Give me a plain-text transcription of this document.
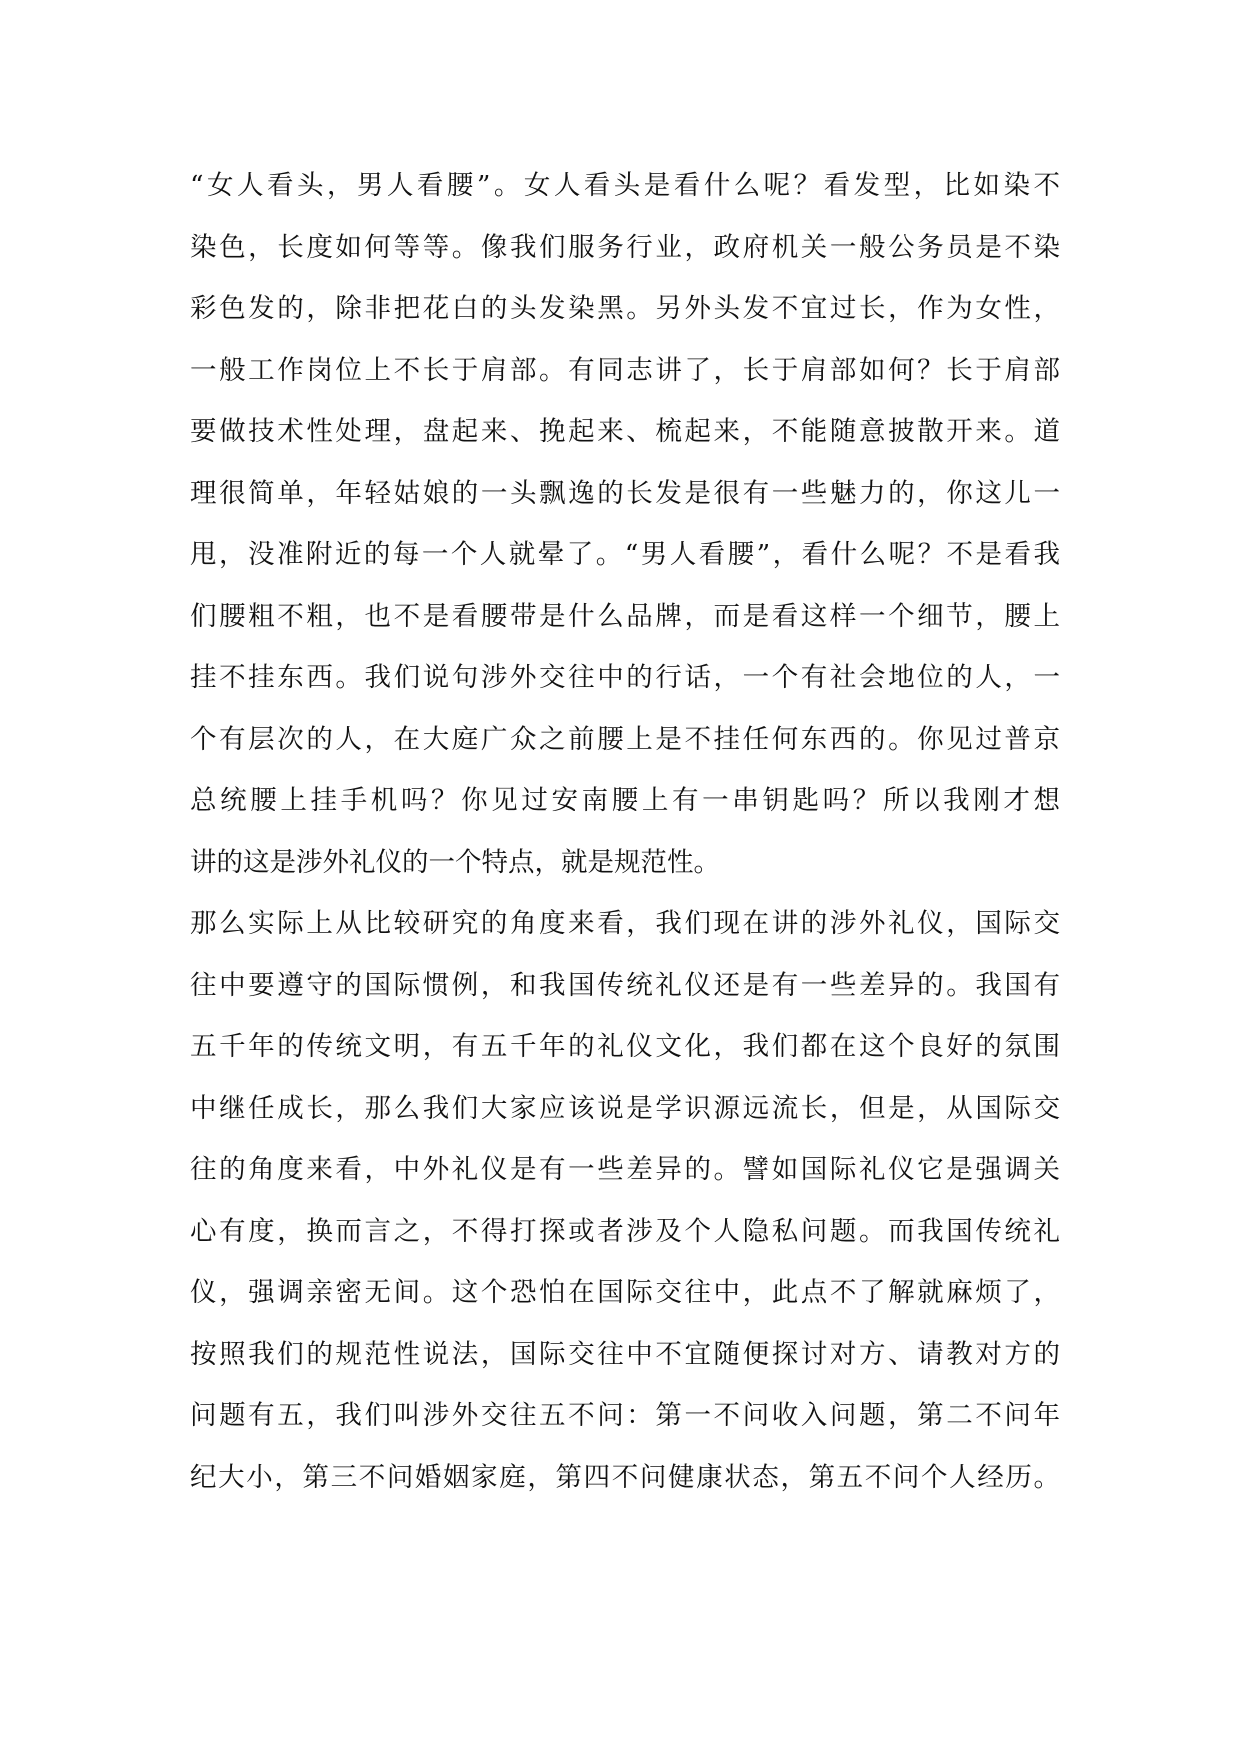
“女人看头，男人看腰”。女人看头是看什么呢？看发型，比如染不
染色，长度如何等等。像我们服务行业，政府机关一般公务员是不染
彩色发的，除非把花白的头发染黑。另外头发不宜过长，作为女性，
一般工作岗位上不长于肩部。有同志讲了，长于肩部如何？长于肩部
要做技术性处理，盘起来、挽起来、梳起来，不能随意披散开来。道
理很简单，年轻姑娘的一头飘逸的长发是很有一些魅力的，你这儿一
甩，没准附近的每一个人就晕了。“男人看腰”，看什么呢？不是看我
们腰粗不粗，也不是看腰带是什么品牌，而是看这样一个细节，腰上
挂不挂东西。我们说句涉外交往中的行话，一个有社会地位的人，一
个有层次的人，在大庭广众之前腰上是不挂任何东西的。你见过普京
总统腰上挂手机吗？你见过安南腰上有一串钥匙吗？所以我刚才想
讲的这是涉外礼仪的一个特点，就是规范性。
那么实际上从比较研究的角度来看，我们现在讲的涉外礼仪，国际交
往中要遵守的国际惯例，和我国传统礼仪还是有一些差异的。我国有
五千年的传统文明，有五千年的礼仪文化，我们都在这个良好的氛围
中继任成长，那么我们大家应该说是学识源远流长，但是，从国际交
往的角度来看，中外礼仪是有一些差异的。譬如国际礼仪它是强调关
心有度，换而言之，不得打探或者涉及个人隐私问题。而我国传统礼
仪，强调亲密无间。这个恐怕在国际交往中，此点不了解就麻烦了，
按照我们的规范性说法，国际交往中不宜随便探讨对方、请教对方的
问题有五，我们叫涉外交往五不问：第一不问收入问题，第二不问年
纪大小，第三不问婚姻家庭，第四不问健康状态，第五不问个人经历。
